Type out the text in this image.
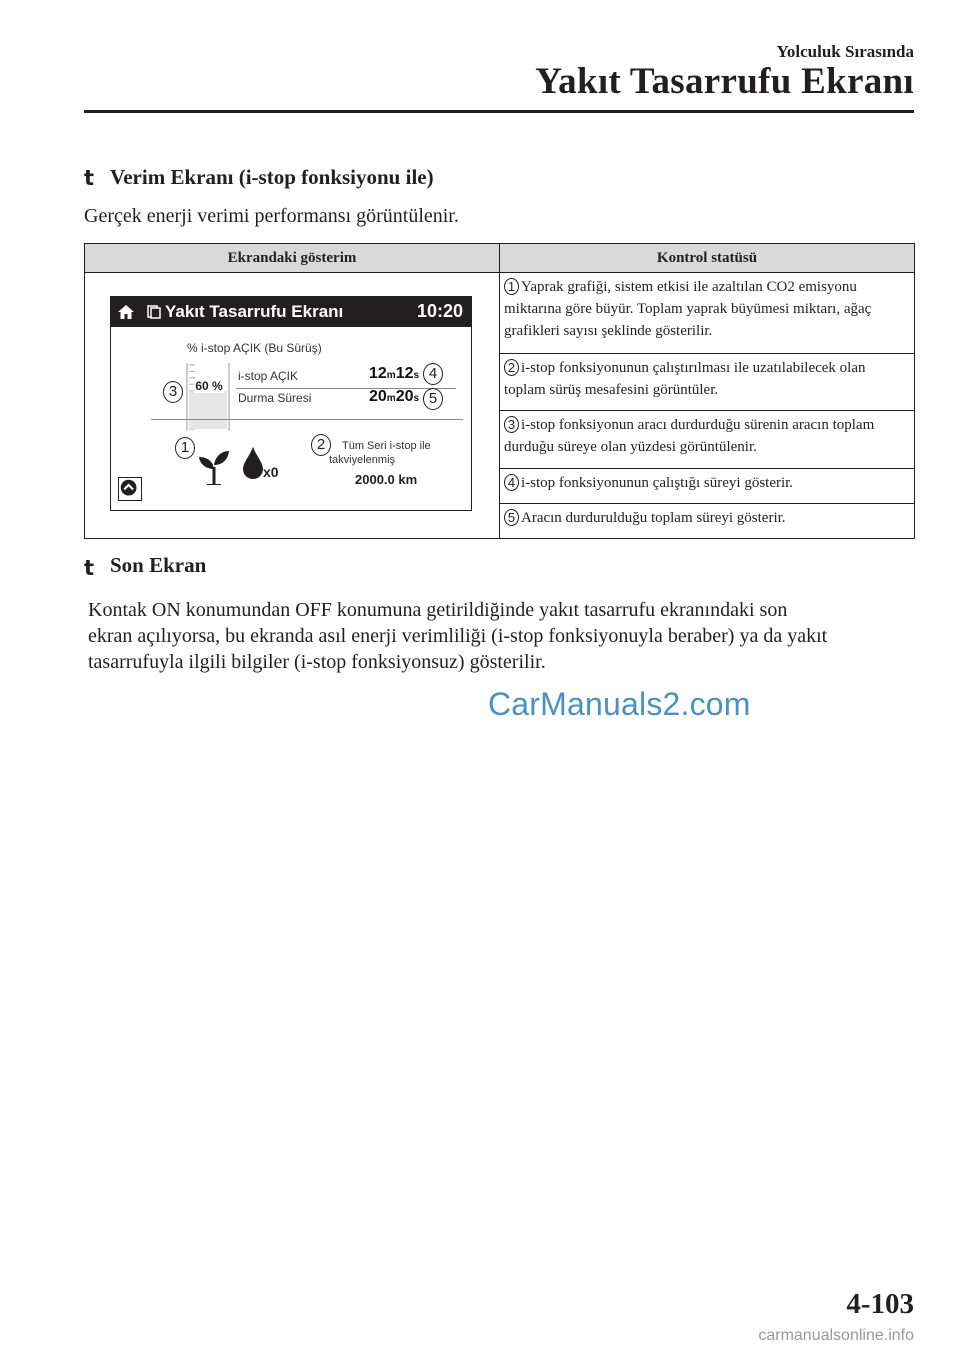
Yolculuk Sırasında
Yakıt Tasarrufu Ekranı
t Verim Ekranı (i-stop fonksiyonu ile)
Gerçek enerji verimi performansı görüntülenir.
Ekrandaki gösterim	Kontrol statüsü
	1 Yaprak grafiği, sistem etkisi ile azaltılan CO2 emisyonu miktarına göre büyür. Toplam yaprak büyümesi miktarı, ağaç grafikleri sayısı şeklinde gösterilir.
	2 i-stop fonksiyonunun çalıştırılması ile uzatılabilecek olan toplam sürüş mesafesini görüntüler.
	3 i-stop fonksiyonun aracı durdurduğu sürenin aracın toplam durduğu süreye olan yüzdesi görüntülenir.
	4 i-stop fonksiyonunun çalıştığı süreyi gösterir.
	5 Aracın durdurulduğu toplam süreyi gösterir.
Yakıt Tasarrufu Ekranı	10:20
% i-stop AÇIK (Bu Sürüş)
60 %
i-stop AÇIK	12m12s
Durma Süresi	20m20s
x0
Tüm Seri i-stop ile
takviyelenmiş
2000.0 km
3
4
5
1	2
t Son Ekran
Kontak ON konumundan OFF konumuna getirildiğinde yakıt tasarrufu ekranındaki son
ekran açılıyorsa, bu ekranda asıl enerji verimliliği (i-stop fonksiyonuyla beraber) ya da yakıt
tasarrufuyla ilgili bilgiler (i-stop fonksiyonsuz) gösterilir.
CarManuals2.com
4-103
carmanualsonline.info
